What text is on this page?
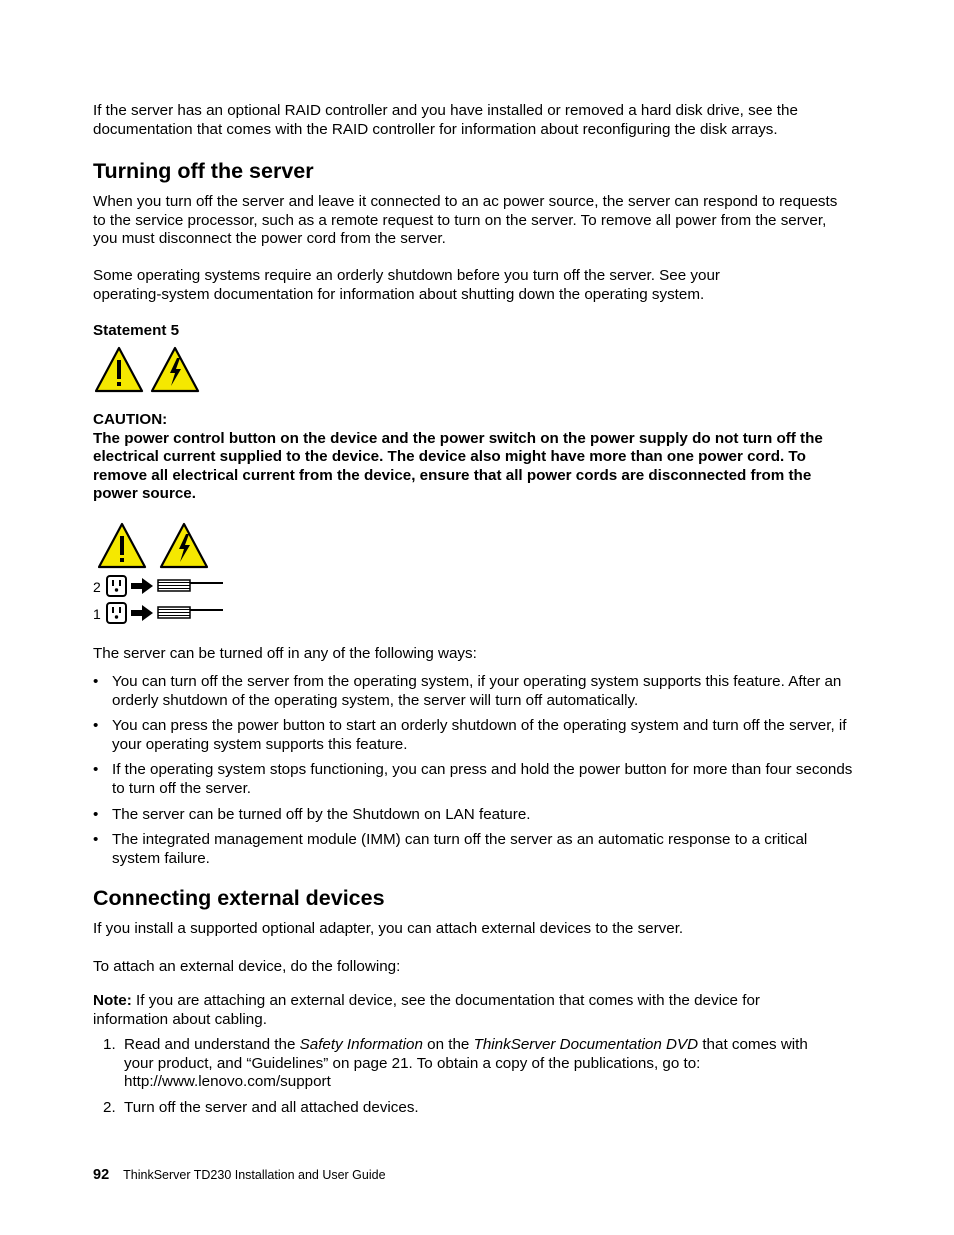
If the server has an optional RAID controller and you have installed or removed a hard disk drive, see the
documentation that comes with the RAID controller for information about reconfiguring the disk arrays.

Turning off the server

When you turn off the server and leave it connected to an ac power source, the server can respond to requests to the service processor, such as a remote request to turn on the server. To remove all power from the server, you must disconnect the power cord from the server.

Some operating systems require an orderly shutdown before you turn off the server. See your operating-system documentation for information about shutting down the operating system.

Statement 5

CAUTION:
The power control button on the device and the power switch on the power supply do not turn off the electrical current supplied to the device. The device also might have more than one power cord. To remove all electrical current from the device, ensure that all power cords are disconnected from the power source.

2
1

The server can be turned off in any of the following ways:

• You can turn off the server from the operating system, if your operating system supports this feature. After an orderly shutdown of the operating system, the server will turn off automatically.
• You can press the power button to start an orderly shutdown of the operating system and turn off the server, if your operating system supports this feature.
• If the operating system stops functioning, you can press and hold the power button for more than four seconds to turn off the server.
• The server can be turned off by the Shutdown on LAN feature.
• The integrated management module (IMM) can turn off the server as an automatic response to a critical system failure.
Connecting external devices

If you install a supported optional adapter, you can attach external devices to the server.

To attach an external device, do the following:

Note: If you are attaching an external device, see the documentation that comes with the device for information about cabling.

1. Read and understand the Safety Information on the ThinkServer Documentation DVD that comes with your product, and “Guidelines” on page 21. To obtain a copy of the publications, go to: http://www.lenovo.com/support
2. Turn off the server and all attached devices.
92 ThinkServer TD230 Installation and User Guide
